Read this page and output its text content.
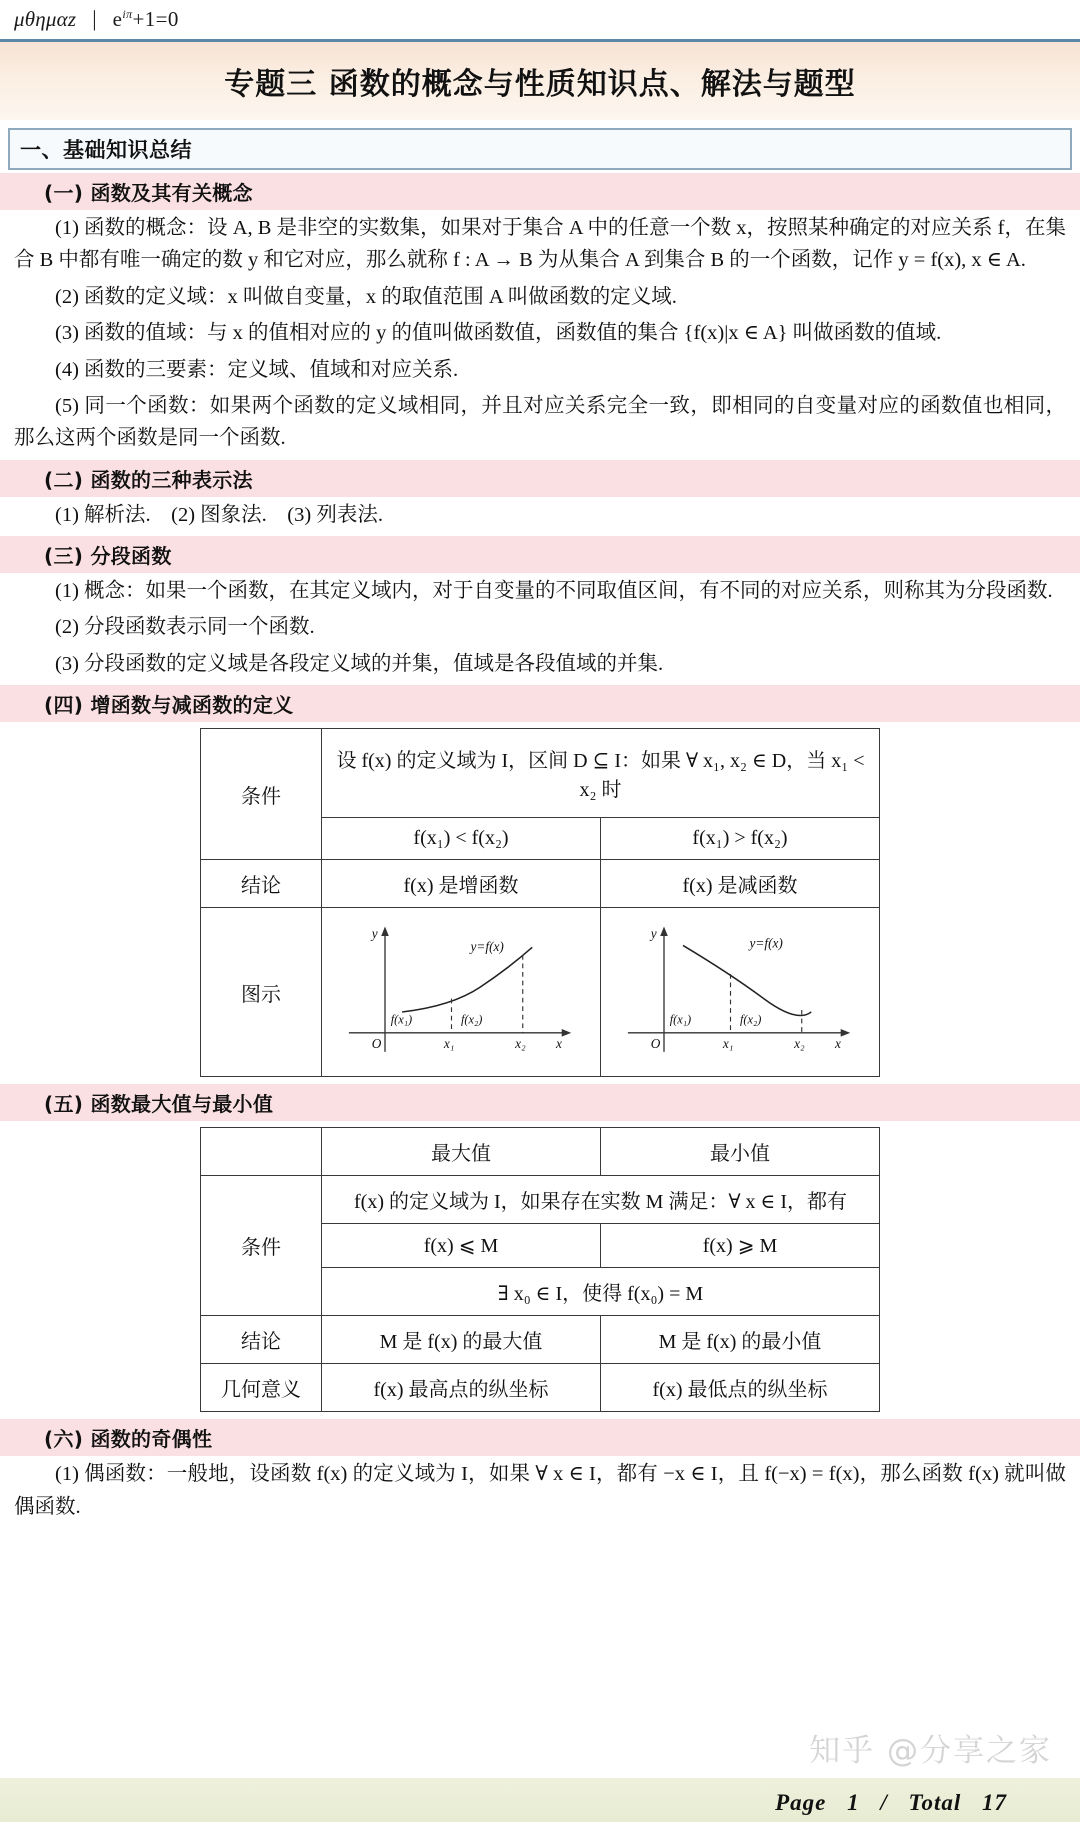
μθημαz | $e^{i\pi}+1=0$
专题三 函数的概念与性质知识点、解法与题型
一、基础知识总结
(一) 函数及其有关概念

(1) 函数的概念：设 A, B 是非空的实数集，如果对于集合 A 中的任意一个数 x，按照某种确定的对应关系 f，在集合 B 中都有唯一确定的数 y 和它对应，那么就称 f : A → B 为从集合 A 到集合 B 的一个函数，记作 y = f(x), x ∈ A.

(2) 函数的定义域：x 叫做自变量，x 的取值范围 A 叫做函数的定义域.

(3) 函数的值域：与 x 的值相对应的 y 的值叫做函数值，函数值的集合 {f(x)|x ∈ A} 叫做函数的值域.

(4) 函数的三要素：定义域、值域和对应关系.

(5) 同一个函数：如果两个函数的定义域相同，并且对应关系完全一致，即相同的自变量对应的函数值也相同，那么这两个函数是同一个函数.

(二) 函数的三种表示法

(1) 解析法.　(2) 图象法.　(3) 列表法.

(三) 分段函数

(1) 概念：如果一个函数，在其定义域内，对于自变量的不同取值区间，有不同的对应关系，则称其为分段函数.

(2) 分段函数表示同一个函数.

(3) 分段函数的定义域是各段定义域的并集，值域是各段值域的并集.

(四) 增函数与减函数的定义
条件	设 f(x) 的定义域为 I，区间 D ⊆ I：如果 ∀ x₁, x₂ ∈ D，当 x₁ < x₂ 时	
	f(x₁) < f(x₂)	f(x₁) > f(x₂)
结论	f(x) 是增函数	f(x) 是减函数
图示	
y
x
O
y=f(x)
f(x₁)	f(x₂)
x₁	x₂

y
x
O
y=f(x)
f(x₁)	f(x₂)
x₁	x₂
(五) 函数最大值与最小值
	最大值	最小值
条件	f(x) 的定义域为 I，如果存在实数 M 满足：∀ x ∈ I，都有	
	f(x) ⩽ M	f(x) ⩾ M
	∃ x₀ ∈ I，使得 f(x₀) = M	
结论	M 是 f(x) 的最大值	M 是 f(x) 的最小值
几何意义	f(x) 最高点的纵坐标	f(x) 最低点的纵坐标
(六) 函数的奇偶性

(1) 偶函数：一般地，设函数 f(x) 的定义域为 I，如果 ∀ x ∈ I，都有 −x ∈ I，且 f(−x) = f(x)，那么函数 f(x) 就叫做偶函数.

知乎 @分享之家
Page 1 / Total 17
